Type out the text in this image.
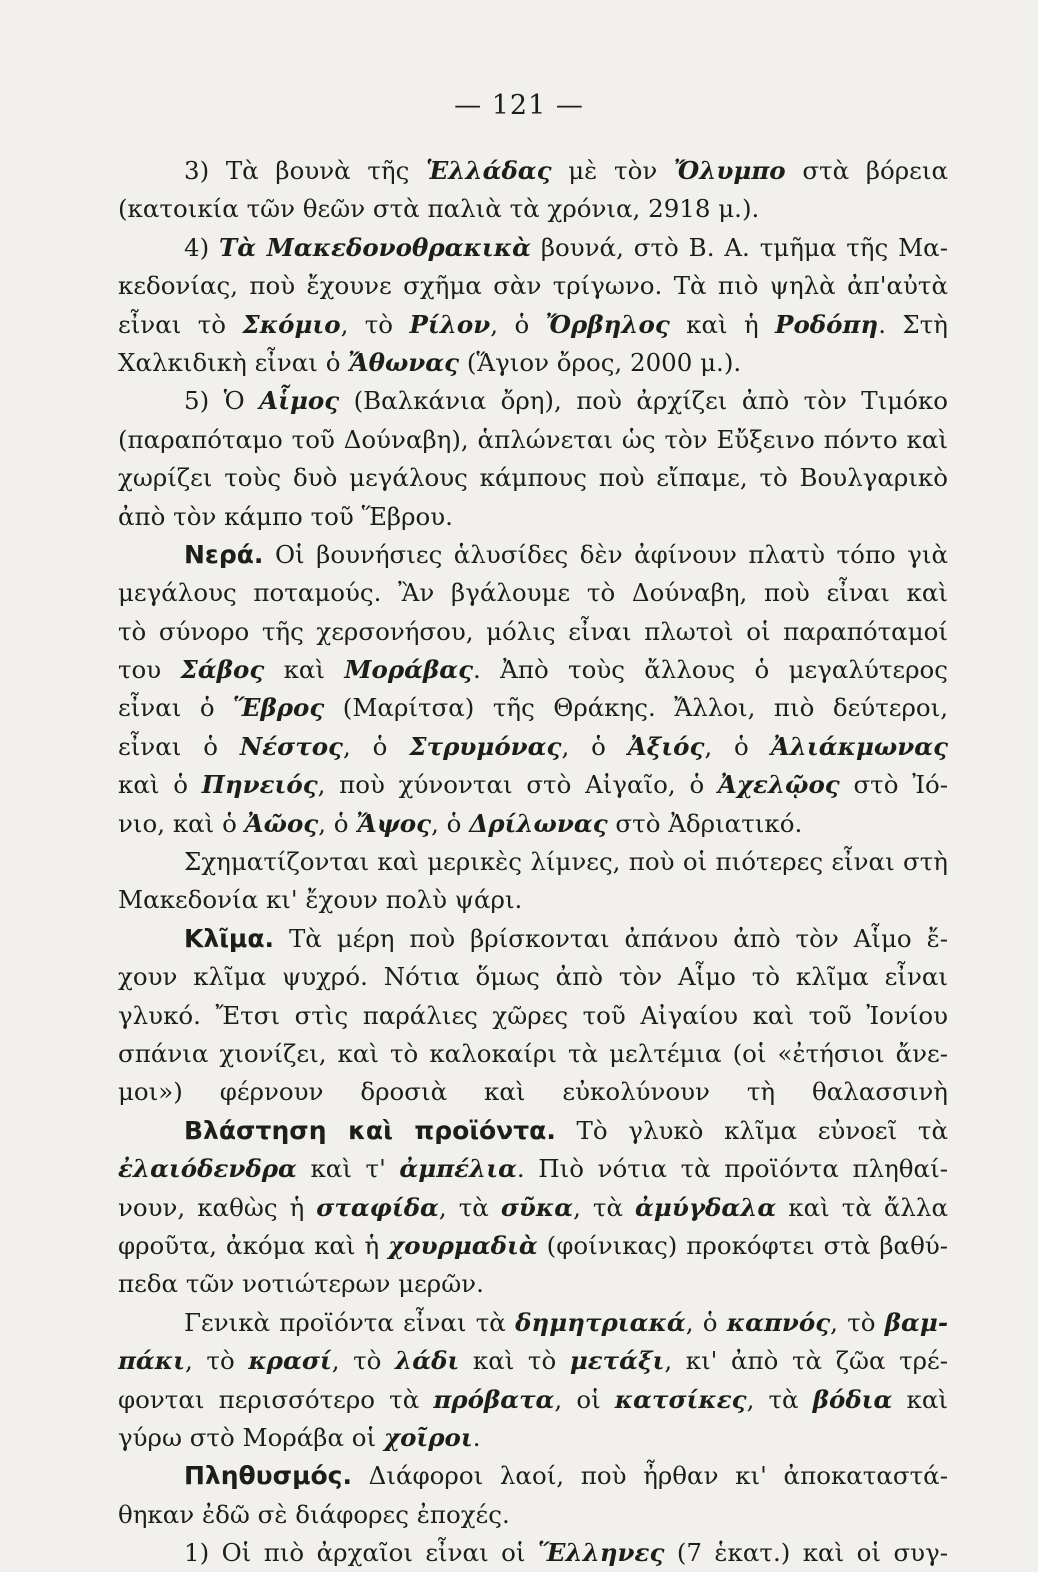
— 121 —
3) Τὰ βουνὰ τῆς Ἑλλάδας μὲ τὸν Ὄλυμπο στὰ βόρεια
(κατοικία τῶν θεῶν στὰ παλιὰ τὰ χρόνια, 2918 μ.).
4) Τὰ Μακεδονοθρακικὰ βουνά, στὸ Β. Α. τμῆμα τῆς Μα-
κεδονίας, ποὺ ἔχουνε σχῆμα σὰν τρίγωνο. Τὰ πιὸ ψηλὰ ἀπ'αὐτὰ
εἶναι τὸ Σκόμιο, τὸ Ρίλον, ὁ Ὄρβηλος καὶ ἡ Ροδόπη. Στὴ
Χαλκιδικὴ εἶναι ὁ Ἄθωνας (Ἅγιον ὄρος, 2000 μ.).
5) Ὁ Αἷμος (Βαλκάνια ὄρη), ποὺ ἀρχίζει ἀπὸ τὸν Τιμόκο
(παραπόταμο τοῦ Δούναβη), ἁπλώνεται ὡς τὸν Εὔξεινο πόντο καὶ
χωρίζει τοὺς δυὸ μεγάλους κάμπους ποὺ εἴπαμε, τὸ Βουλγαρικὸ
ἀπὸ τὸν κάμπο τοῦ Ἕβρου.
Νερά. Οἱ βουνήσιες ἁλυσίδες δὲν ἀφίνουν πλατὺ τόπο γιὰ
μεγάλους ποταμούς. Ἂν βγάλουμε τὸ Δούναβη, ποὺ εἶναι καὶ
τὸ σύνορο τῆς χερσονήσου, μόλις εἶναι πλωτοὶ οἱ παραπόταμοί
του Σάβος καὶ Μοράβας. Ἀπὸ τοὺς ἄλλους ὁ μεγαλύτερος
εἶναι ὁ Ἕβρος (Μαρίτσα) τῆς Θράκης. Ἄλλοι, πιὸ δεύτεροι,
εἶναι ὁ Νέστος, ὁ Στρυμόνας, ὁ Ἀξιός, ὁ Ἀλιάκμωνας
καὶ ὁ Πηνειός, ποὺ χύνονται στὸ Αἰγαῖο, ὁ Ἀχελῷος στὸ Ἰό-
νιο, καὶ ὁ Ἀῶος, ὁ Ἄψος, ὁ Δρίλωνας στὸ Ἀδριατικό.
Σχηματίζονται καὶ μερικὲς λίμνες, ποὺ οἱ πιότερες εἶναι στὴ
Μακεδονία κι' ἔχουν πολὺ ψάρι.
Κλῖμα. Τὰ μέρη ποὺ βρίσκονται ἀπάνου ἀπὸ τὸν Αἷμο ἔ-
χουν κλῖμα ψυχρό. Νότια ὅμως ἀπὸ τὸν Αἷμο τὸ κλῖμα εἶναι
γλυκό. Ἔτσι στὶς παράλιες χῶρες τοῦ Αἰγαίου καὶ τοῦ Ἰονίου
σπάνια χιονίζει, καὶ τὸ καλοκαίρι τὰ μελτέμια (οἱ «ἐτήσιοι ἄνε-
μοι») φέρνουν δροσιὰ καὶ εὐκολύνουν τὴ θαλασσινὴ
Βλάστηση καὶ προϊόντα. Τὸ γλυκὸ κλῖμα εὐνοεῖ τὰ
ἐλαιόδενδρα καὶ τ' ἀμπέλια. Πιὸ νότια τὰ προϊόντα πληθαί-
νουν, καθὼς ἡ σταφίδα, τὰ σῦκα, τὰ ἀμύγδαλα καὶ τὰ ἄλλα
φροῦτα, ἀκόμα καὶ ἡ χουρμαδιὰ (φοίνικας) προκόφτει στὰ βαθύ-
πεδα τῶν νοτιώτερων μερῶν.
Γενικὰ προϊόντα εἶναι τὰ δημητριακά, ὁ καπνός, τὸ βαμ-
πάκι, τὸ κρασί, τὸ λάδι καὶ τὸ μετάξι, κι' ἀπὸ τὰ ζῶα τρέ-
φονται περισσότερο τὰ πρόβατα, οἱ κατσίκες, τὰ βόδια καὶ
γύρω στὸ Μοράβα οἱ χοῖροι.
Πληθυσμός. Διάφοροι λαοί, ποὺ ἦρθαν κι' ἀποκαταστά-
θηκαν ἐδῶ σὲ διάφορες ἐποχές.
1) Οἱ πιὸ ἀρχαῖοι εἶναι οἱ Ἕλληνες (7 ἑκατ.) καὶ οἱ συγ-
